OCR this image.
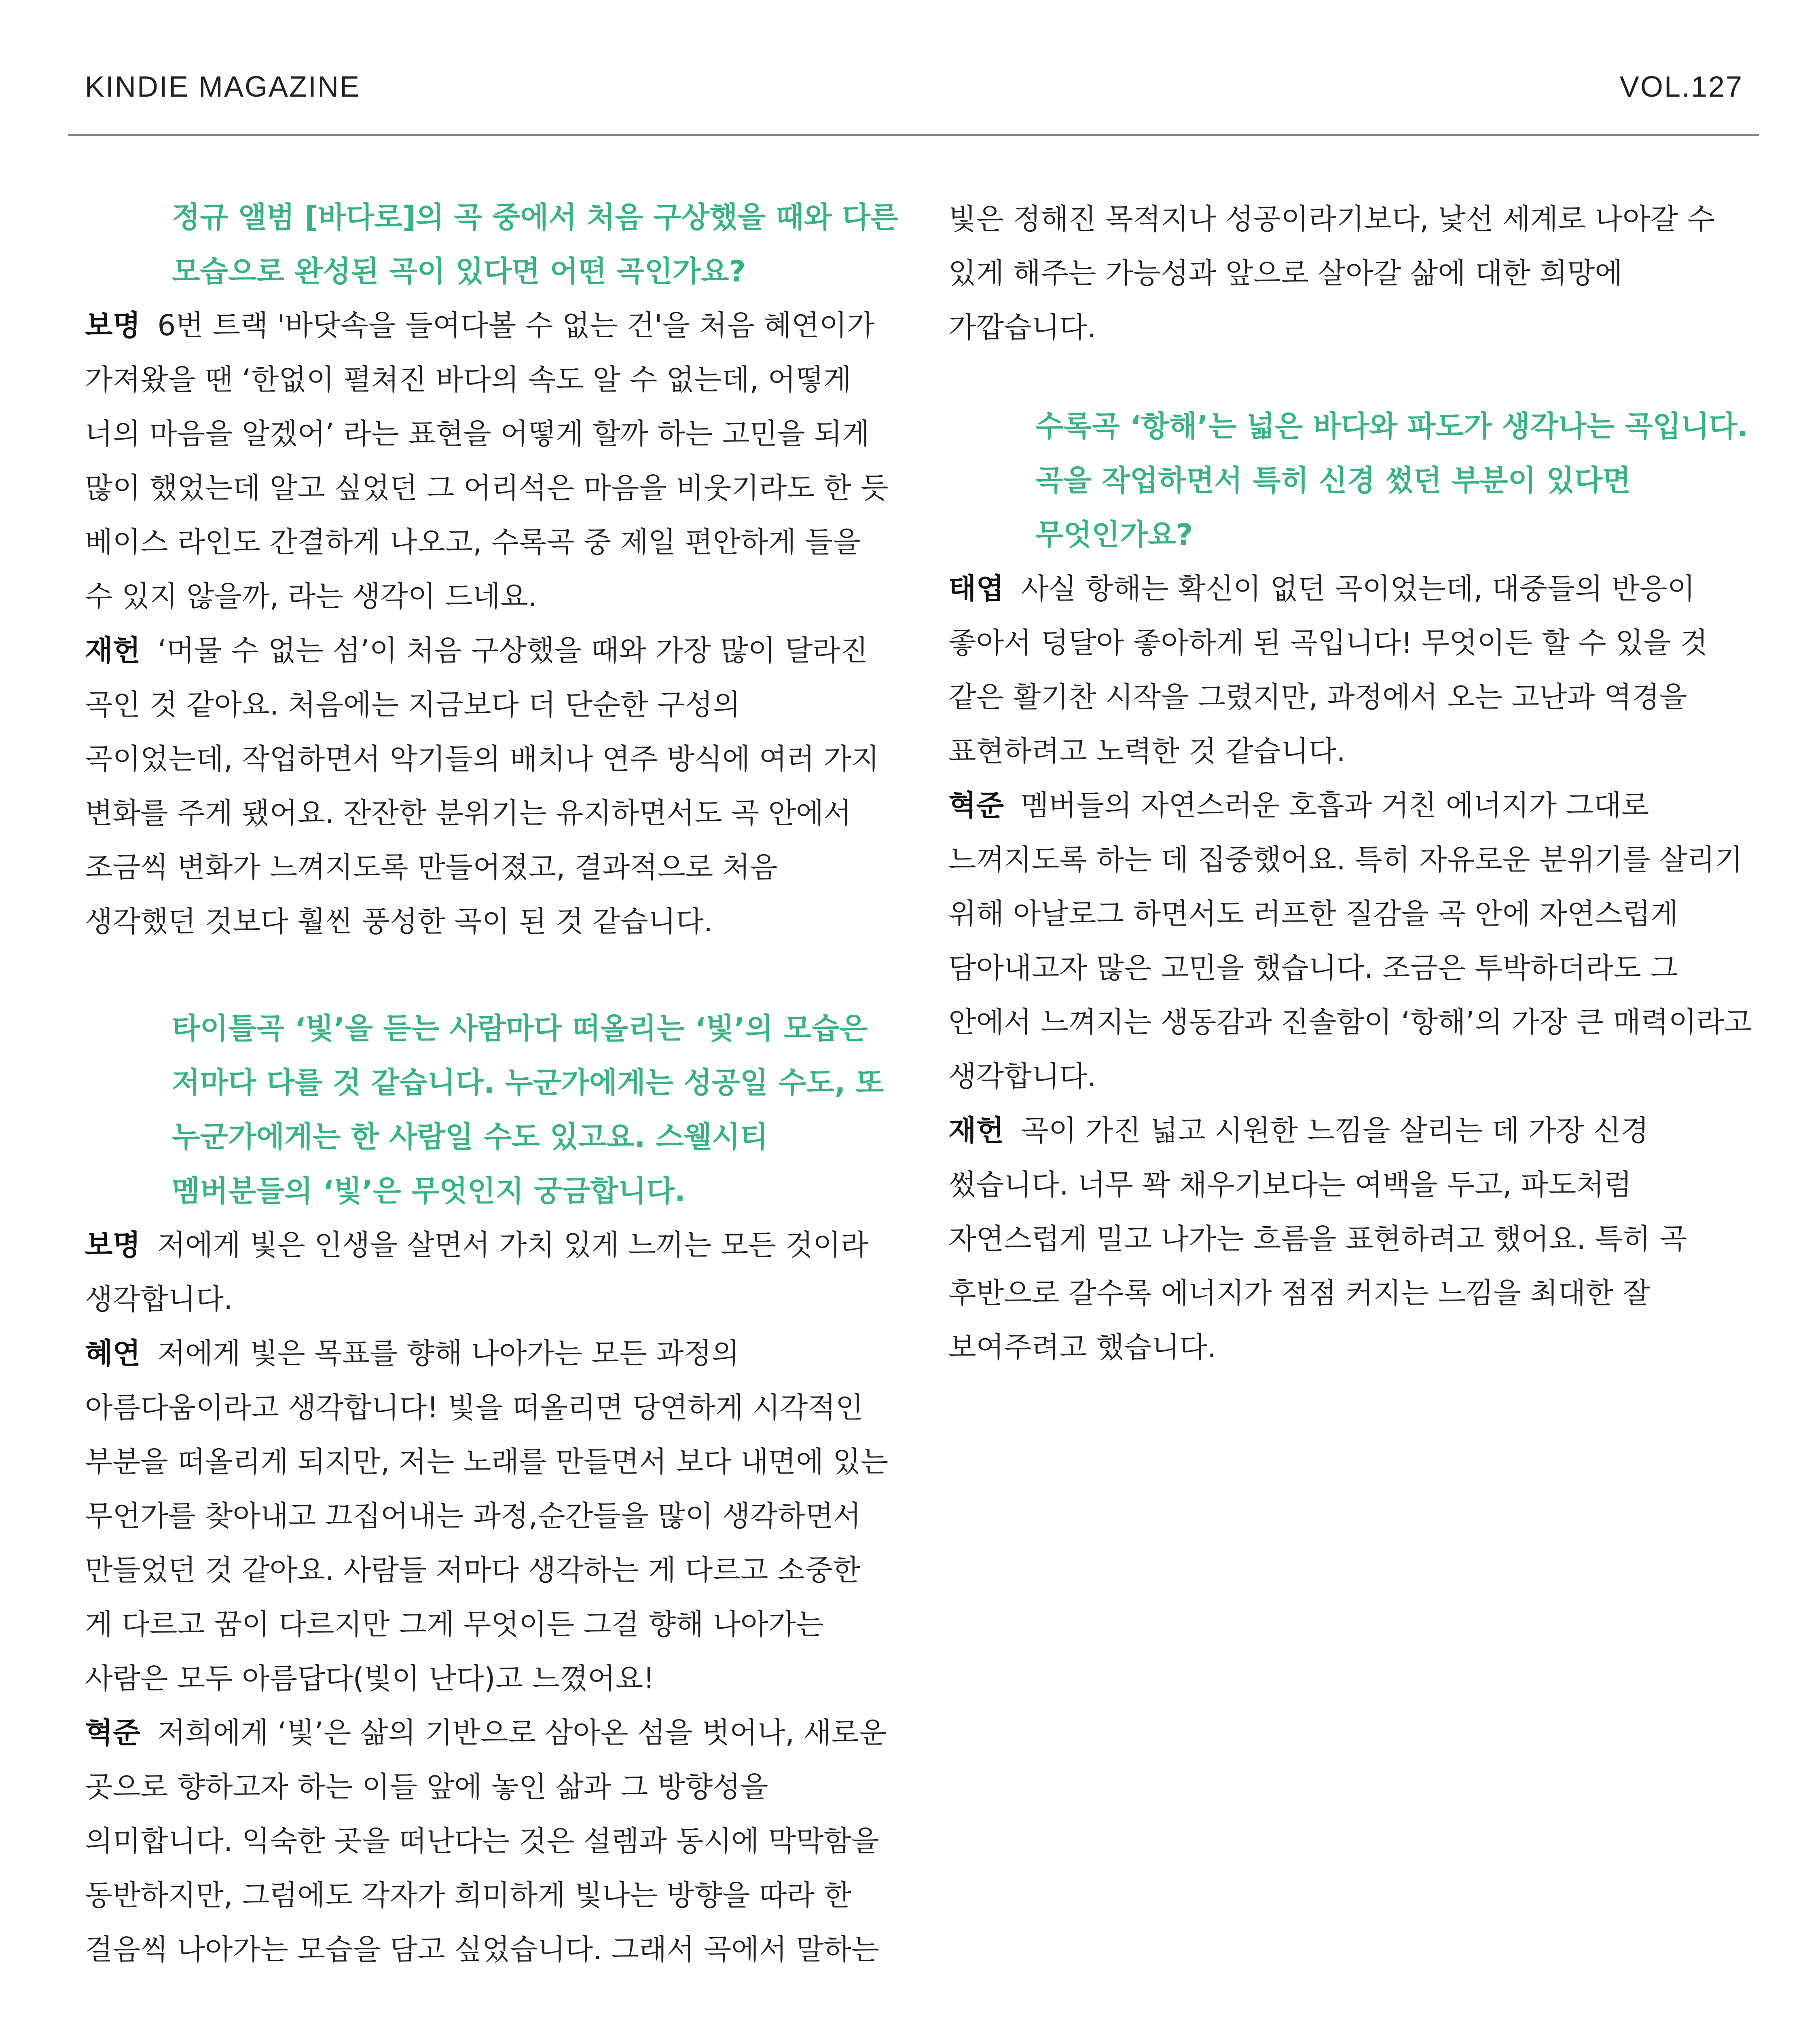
KINDIE MAGAZINE	VOL.127
정규 앨범 [바다로]의 곡 중에서 처음 구상했을 때와 다른
모습으로 완성된 곡이 있다면 어떤 곡인가요?
보명 6번 트랙 '바닷속을 들여다볼 수 없는 건'을 처음 혜연이가
가져왔을 땐 ‘한없이 펼쳐진 바다의 속도 알 수 없는데, 어떻게
너의 마음을 알겠어’ 라는 표현을 어떻게 할까 하는 고민을 되게
많이 했었는데 알고 싶었던 그 어리석은 마음을 비웃기라도 한 듯
베이스 라인도 간결하게 나오고, 수록곡 중 제일 편안하게 들을
수 있지 않을까, 라는 생각이 드네요.
재헌 ‘머물 수 없는 섬’이 처음 구상했을 때와 가장 많이 달라진
곡인 것 같아요. 처음에는 지금보다 더 단순한 구성의
곡이었는데, 작업하면서 악기들의 배치나 연주 방식에 여러 가지
변화를 주게 됐어요. 잔잔한 분위기는 유지하면서도 곡 안에서
조금씩 변화가 느껴지도록 만들어졌고, 결과적으로 처음
생각했던 것보다 훨씬 풍성한 곡이 된 것 같습니다.
타이틀곡 ‘빛’을 듣는 사람마다 떠올리는 ‘빛’의 모습은
저마다 다를 것 같습니다. 누군가에게는 성공일 수도, 또
누군가에게는 한 사람일 수도 있고요. 스웰시티
멤버분들의 ‘빛’은 무엇인지 궁금합니다.
보명 저에게 빛은 인생을 살면서 가치 있게 느끼는 모든 것이라
생각합니다.
혜연 저에게 빛은 목표를 향해 나아가는 모든 과정의
아름다움이라고 생각합니다! 빛을 떠올리면 당연하게 시각적인
부분을 떠올리게 되지만, 저는 노래를 만들면서 보다 내면에 있는
무언가를 찾아내고 끄집어내는 과정,순간들을 많이 생각하면서
만들었던 것 같아요. 사람들 저마다 생각하는 게 다르고 소중한
게 다르고 꿈이 다르지만 그게 무엇이든 그걸 향해 나아가는
사람은 모두 아름답다(빛이 난다)고 느꼈어요!
혁준 저희에게 ‘빛’은 삶의 기반으로 삼아온 섬을 벗어나, 새로운
곳으로 향하고자 하는 이들 앞에 놓인 삶과 그 방향성을
의미합니다. 익숙한 곳을 떠난다는 것은 설렘과 동시에 막막함을
동반하지만, 그럼에도 각자가 희미하게 빛나는 방향을 따라 한
걸음씩 나아가는 모습을 담고 싶었습니다. 그래서 곡에서 말하는
빛은 정해진 목적지나 성공이라기보다, 낯선 세계로 나아갈 수
있게 해주는 가능성과 앞으로 살아갈 삶에 대한 희망에
가깝습니다.
수록곡 ‘항해’는 넓은 바다와 파도가 생각나는 곡입니다.
곡을 작업하면서 특히 신경 썼던 부분이 있다면
무엇인가요?
태엽 사실 항해는 확신이 없던 곡이었는데, 대중들의 반응이
좋아서 덩달아 좋아하게 된 곡입니다! 무엇이든 할 수 있을 것
같은 활기찬 시작을 그렸지만, 과정에서 오는 고난과 역경을
표현하려고 노력한 것 같습니다.
혁준 멤버들의 자연스러운 호흡과 거친 에너지가 그대로
느껴지도록 하는 데 집중했어요. 특히 자유로운 분위기를 살리기
위해 아날로그 하면서도 러프한 질감을 곡 안에 자연스럽게
담아내고자 많은 고민을 했습니다. 조금은 투박하더라도 그
안에서 느껴지는 생동감과 진솔함이 ‘항해’의 가장 큰 매력이라고
생각합니다.
재헌 곡이 가진 넓고 시원한 느낌을 살리는 데 가장 신경
썼습니다. 너무 꽉 채우기보다는 여백을 두고, 파도처럼
자연스럽게 밀고 나가는 흐름을 표현하려고 했어요. 특히 곡
후반으로 갈수록 에너지가 점점 커지는 느낌을 최대한 잘
보여주려고 했습니다.
